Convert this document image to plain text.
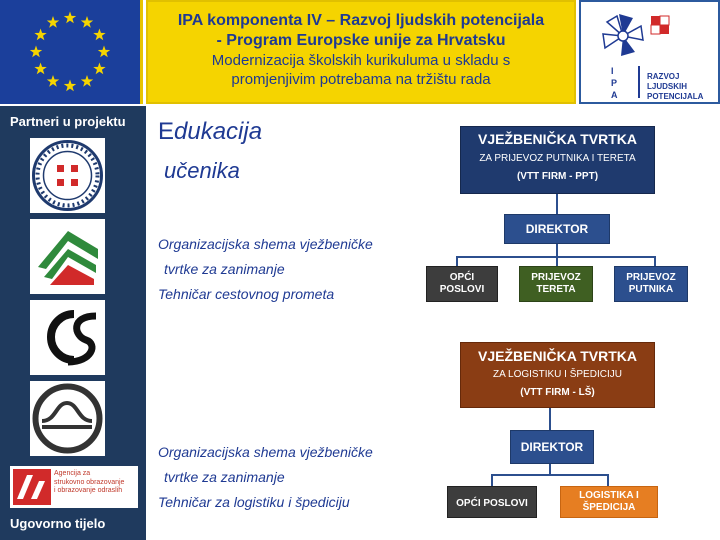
IPA komponenta IV – Razvoj ljudskih potencijala
- Program Europske unije za Hrvatsku
Modernizacija školskih kurikuluma u skladu s
promjenjivim potrebama na tržištu rada	I
P
A
RAZVOJ
LJUDSKIH
POTENCIJALA
Partneri u projektu
Agencija za
strukovno obrazovanje
i obrazovanje odraslih
Ugovorno tijelo
Edukacija
učenika
Organizacijska shema vježbeničke
tvrtke za zanimanje
Tehničar cestovnog prometa
Organizacijska shema vježbeničke
tvrtke za zanimanje
Tehničar za logistiku i špediciju
VJEŽBENIČKA TVRTKA
ZA PRIJEVOZ PUTNIKA I TERETA
(VTT FIRM - PPT)
DIREKTOR
OPĆI
POSLOVI
PRIJEVOZ
TERETA
PRIJEVOZ
PUTNIKA
VJEŽBENIČKA TVRTKA
ZA LOGISTIKU I ŠPEDICIJU
(VTT FIRM - LŠ)
DIREKTOR
OPĆI POSLOVI
LOGISTIKA I
ŠPEDICIJA
